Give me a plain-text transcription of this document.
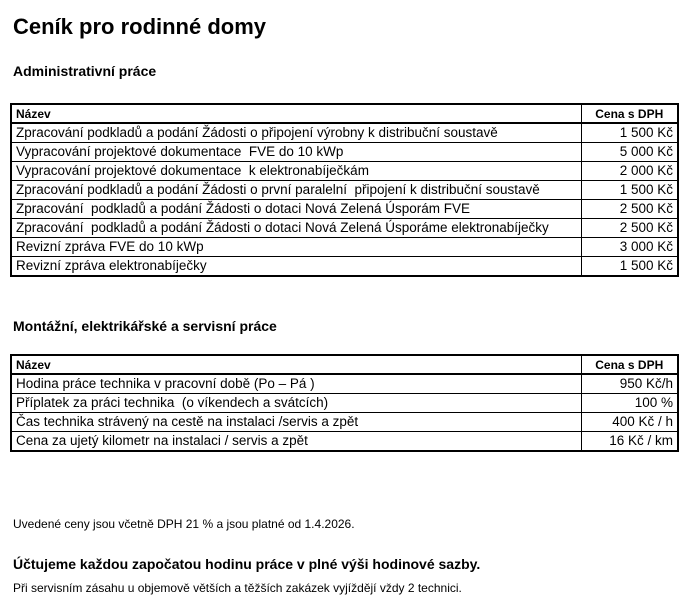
Ceník pro rodinné domy
Administrativní práce
Název	Cena s DPH
Zpracování podkladů a podání Žádosti o připojení výrobny k distribuční soustavě	1 500 Kč
Vypracování projektové dokumentace  FVE do 10 kWp	5 000 Kč
Vypracování projektové dokumentace  k elektronabíječkám	2 000 Kč
Zpracování podkladů a podání Žádosti o první paralelní  připojení k distribuční soustavě	1 500 Kč
Zpracování  podkladů a podání Žádosti o dotaci Nová Zelená Úsporám FVE	2 500 Kč
Zpracování  podkladů a podání Žádosti o dotaci Nová Zelená Úsporáme elektronabíječky	2 500 Kč
Revizní zpráva FVE do 10 kWp	3 000 Kč
Revizní zpráva elektronabíječky	1 500 Kč
Montážní, elektrikářské a servisní práce
Název	Cena s DPH
Hodina práce technika v pracovní době (Po – Pá )	950 Kč/h
Příplatek za práci technika  (o víkendech a svátcích)	100 %
Čas technika strávený na cestě na instalaci /servis a zpět	400 Kč / h
Cena za ujetý kilometr na instalaci / servis a zpět	16 Kč / km

Uvedené ceny jsou včetně DPH 21 % a jsou platné od 1.4.2026.

Účtujeme každou započatou hodinu práce v plné výši hodinové sazby.

Při servisním zásahu u objemově větších a těžších zakázek vyjíždějí vždy 2 technici.
